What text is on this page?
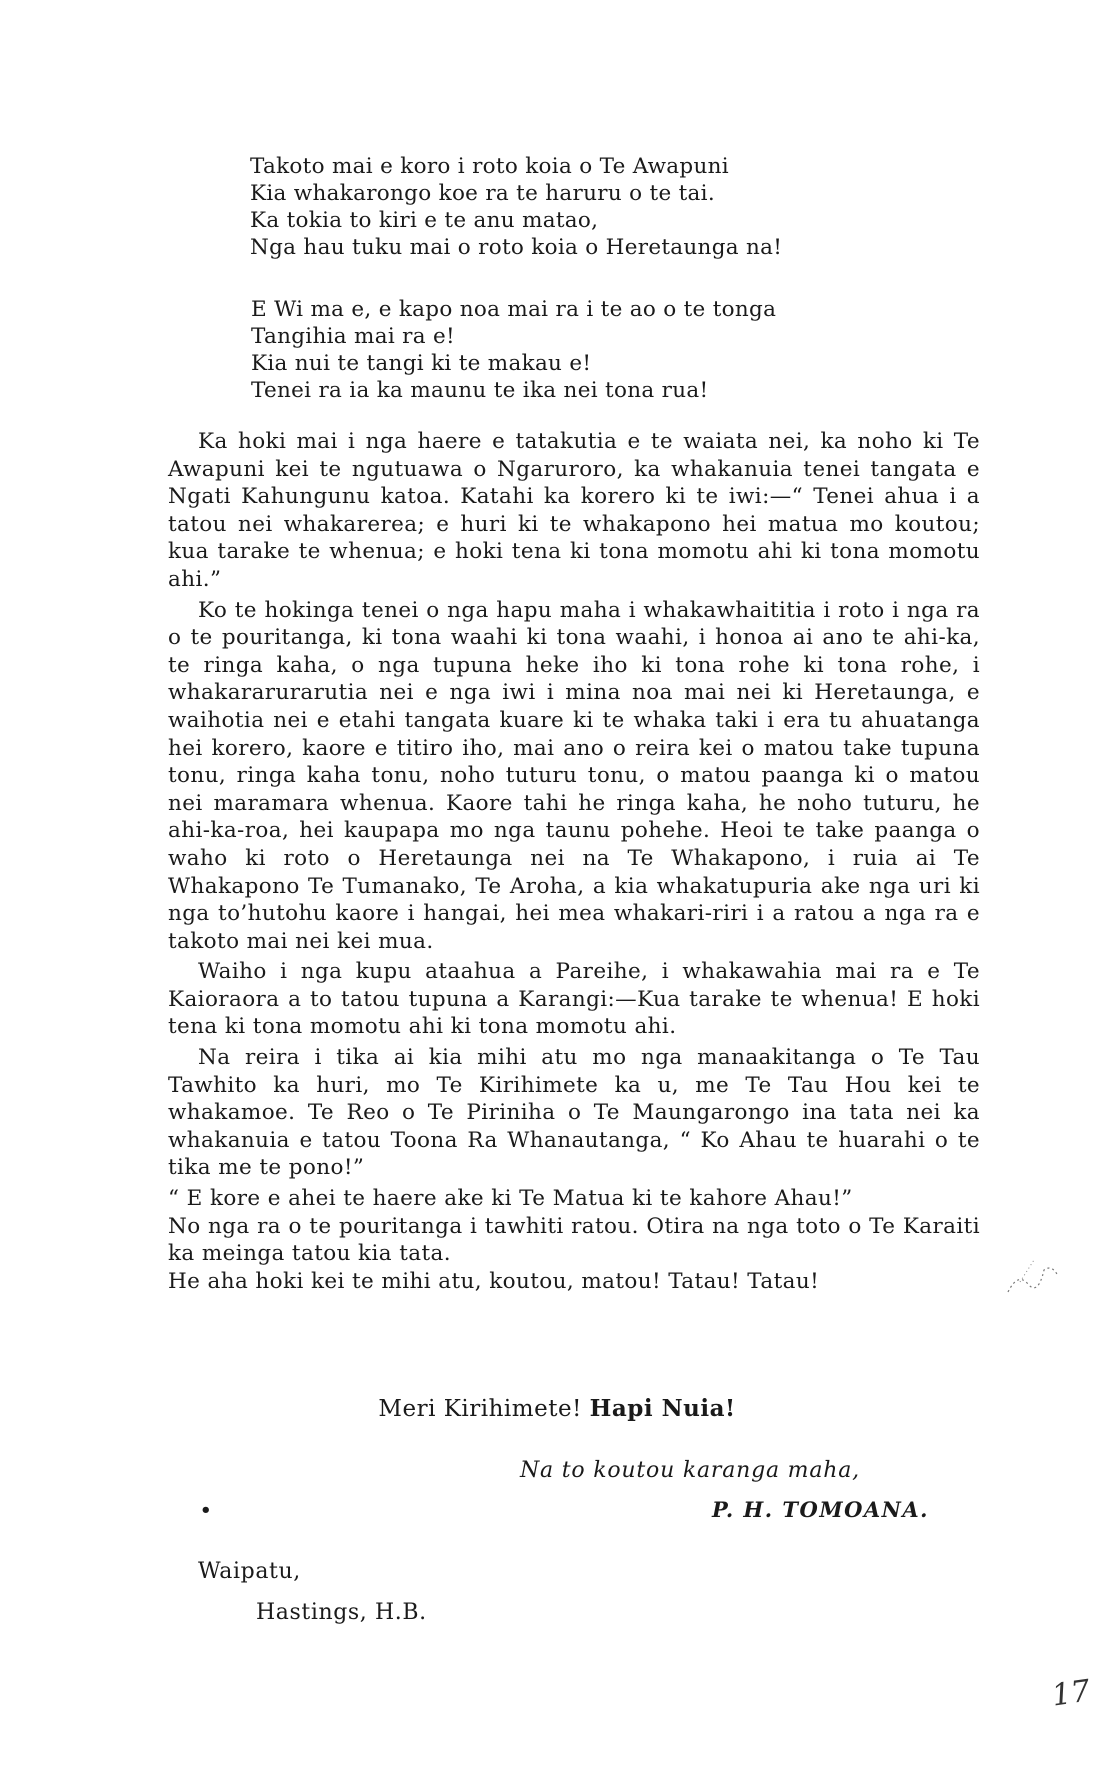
Takoto mai e koro i roto koia o Te Awapuni
Kia whakarongo koe ra te haruru o te tai.
Ka tokia to kiri e te anu matao,
Nga hau tuku mai o roto koia o Heretaunga na!
E Wi ma e, e kapo noa mai ra i te ao o te tonga
Tangihia mai ra e!
Kia nui te tangi ki te makau e!
Tenei ra ia ka maunu te ika nei tona rua!

Ka hoki mai i nga haere e tatakutia e te waiata nei, ka noho ki Te Awapuni kei te ngutuawa o Ngaruroro, ka whakanuia tenei tangata e Ngati Kahungunu katoa. Katahi ka korero ki te iwi:—“ Tenei ahua i a tatou nei whakarerea; e huri ki te whakapono hei matua mo koutou; kua tarake te whenua; e hoki tena ki tona momotu ahi ki tona momotu ahi.”

Ko te hokinga tenei o nga hapu maha i whakawhaititia i roto i nga ra o te pouritanga, ki tona waahi ki tona waahi, i honoa ai ano te ahi-ka, te ringa kaha, o nga tupuna heke iho ki tona rohe ki tona rohe, i whakararurarutia nei e nga iwi i mina noa mai nei ki Heretaunga, e waihotia nei e etahi tangata kuare ki te whaka taki i era tu ahuatanga hei korero, kaore e titiro iho, mai ano o reira kei o matou take tupuna tonu, ringa kaha tonu, noho tuturu tonu, o matou paanga ki o matou nei maramara whenua. Kaore tahi he ringa kaha, he noho tuturu, he ahi-ka-roa, hei kaupapa mo nga taunu pohehe. Heoi te take paanga o waho ki roto o Heretaunga nei na Te Whakapono, i ruia ai Te Whakapono Te Tumanako, Te Aroha, a kia whakatupuria ake nga uri ki nga to’hutohu kaore i hangai, hei mea whakari-riri i a ratou a nga ra e takoto mai nei kei mua.

Waiho i nga kupu ataahua a Pareihe, i whakawahia mai ra e Te Kaioraora a to tatou tupuna a Karangi:—Kua tarake te whenua! E hoki tena ki tona momotu ahi ki tona momotu ahi.

Na reira i tika ai kia mihi atu mo nga manaakitanga o Te Tau Tawhito ka huri, mo Te Kirihimete ka u, me Te Tau Hou kei te whakamoe. Te Reo o Te Piriniha o Te Maungarongo ina tata nei ka whakanuia e tatou Toona Ra Whanautanga, “ Ko Ahau te huarahi o te tika me te pono!”

“ E kore e ahei te haere ake ki Te Matua ki te kahore Ahau!”

No nga ra o te pouritanga i tawhiti ratou. Otira na nga toto o Te Karaiti ka meinga tatou kia tata.

He aha hoki kei te mihi atu, koutou, matou! Tatau! Tatau!

Meri Kirihimete! Hapi Nuia!
Na to koutou karanga maha,
•	P. H. TOMOANA.
Waipatu,
Hastings, H.B.
17
